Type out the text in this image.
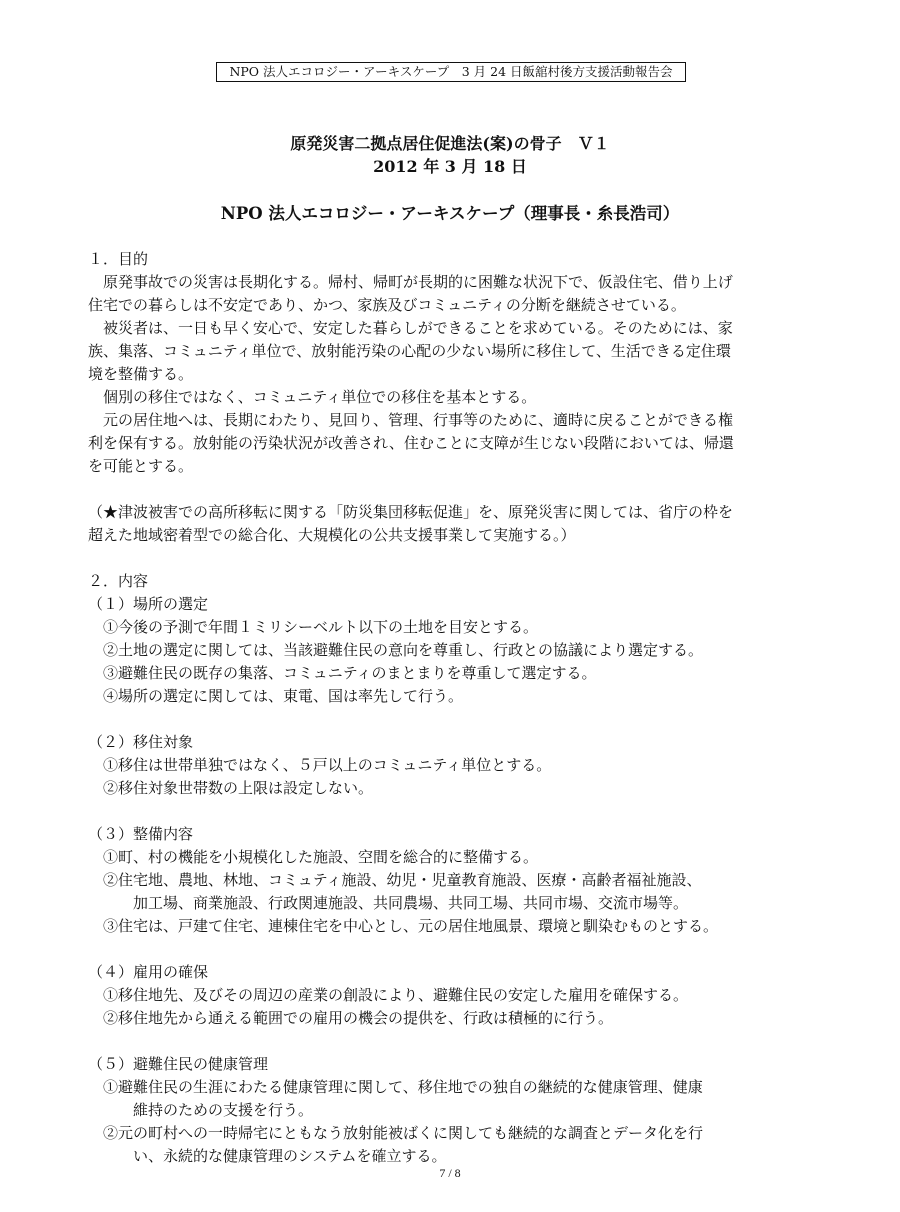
NPO 法人エコロジー・アーキスケープ　3 月 24 日飯舘村後方支援活動報告会
原発災害二拠点居住促進法(案)の骨子　Ｖ１
2012 年 3 月 18 日
NPO 法人エコロジー・アーキスケープ（理事長・糸長浩司）
１．目的
原発事故での災害は長期化する。帰村、帰町が長期的に困難な状況下で、仮設住宅、借り上げ
住宅での暮らしは不安定であり、かつ、家族及びコミュニティの分断を継続させている。
被災者は、一日も早く安心で、安定した暮らしができることを求めている。そのためには、家
族、集落、コミュニティ単位で、放射能汚染の心配の少ない場所に移住して、生活できる定住環
境を整備する。
個別の移住ではなく、コミュニティ単位での移住を基本とする。
元の居住地へは、長期にわたり、見回り、管理、行事等のために、適時に戻ることができる権
利を保有する。放射能の汚染状況が改善され、住むことに支障が生じない段階においては、帰還
を可能とする。
（★津波被害での高所移転に関する「防災集団移転促進」を、原発災害に関しては、省庁の枠を
超えた地域密着型での総合化、大規模化の公共支援事業して実施する。）
２．内容
（１）場所の選定
①今後の予測で年間１ミリシーベルト以下の土地を目安とする。
②土地の選定に関しては、当該避難住民の意向を尊重し、行政との協議により選定する。
③避難住民の既存の集落、コミュニティのまとまりを尊重して選定する。
④場所の選定に関しては、東電、国は率先して行う。
（２）移住対象
①移住は世帯単独ではなく、５戸以上のコミュニティ単位とする。
②移住対象世帯数の上限は設定しない。
（３）整備内容
①町、村の機能を小規模化した施設、空間を総合的に整備する。
②住宅地、農地、林地、コミュティ施設、幼児・児童教育施設、医療・高齢者福祉施設、
加工場、商業施設、行政関連施設、共同農場、共同工場、共同市場、交流市場等。
③住宅は、戸建て住宅、連棟住宅を中心とし、元の居住地風景、環境と馴染むものとする。
（４）雇用の確保
①移住地先、及びその周辺の産業の創設により、避難住民の安定した雇用を確保する。
②移住地先から通える範囲での雇用の機会の提供を、行政は積極的に行う。
（５）避難住民の健康管理
①避難住民の生涯にわたる健康管理に関して、移住地での独自の継続的な健康管理、健康
維持のための支援を行う。
②元の町村への一時帰宅にともなう放射能被ばくに関しても継続的な調査とデータ化を行
い、永続的な健康管理のシステムを確立する。
7 / 8
